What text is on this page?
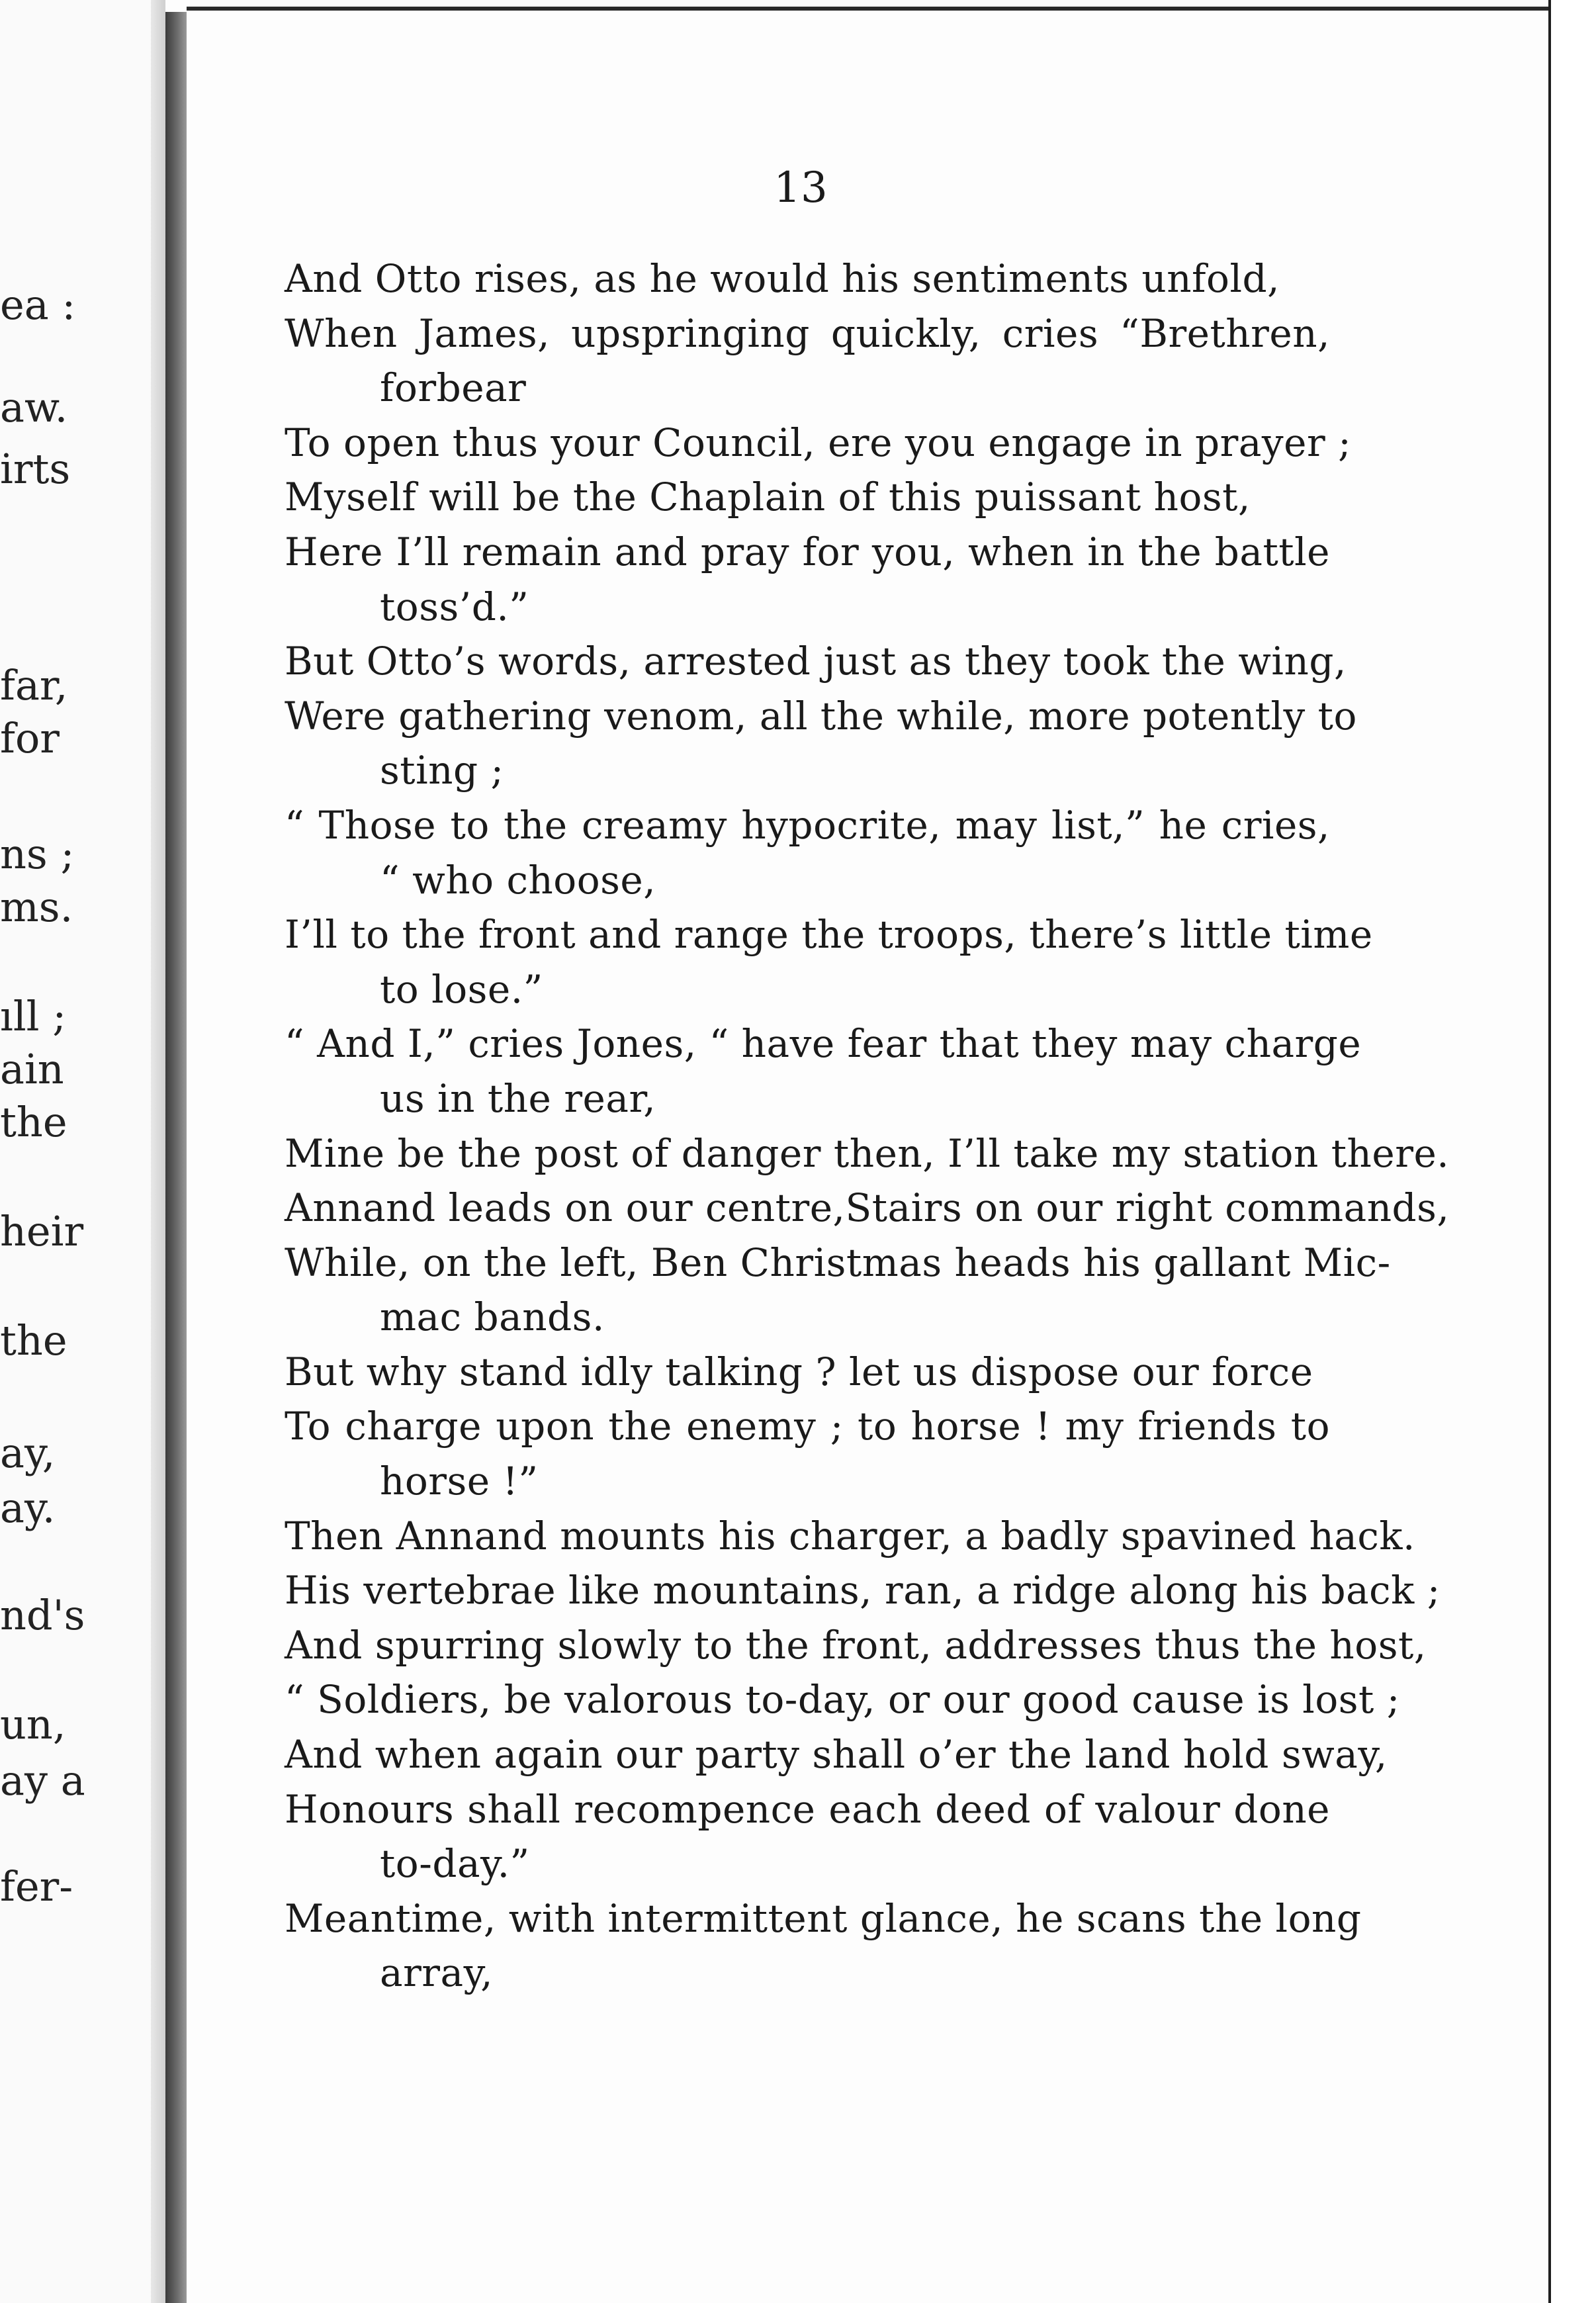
ea :
aw.
irts
far,
for
ns ;
ms.
ıll ;
ain
the
heir
the
ay,
ay.
nd's
un,
ay a
fer-
13
And Otto rises, as he would his sentiments unfold,
When James, upspringing quickly, cries “Brethren,
forbear
To open thus your Council, ere you engage in prayer ;
Myself will be the Chaplain of this puissant host,
Here I’ll remain and pray for you, when in the battle
toss’d.”
But Otto’s words, arrested just as they took the wing,
Were gathering venom, all the while, more potently to
sting ;
“ Those to the creamy hypocrite, may list,” he cries,
“ who choose,
I’ll to the front and range the troops, there’s little time
to lose.”
“ And I,” cries Jones, “ have fear that they may charge
us in the rear,
Mine be the post of danger then, I’ll take my station there.
Annand leads on our centre,Stairs on our right commands,
While, on the left, Ben Christmas heads his gallant Mic-
mac bands.
But why stand idly talking ? let us dispose our force
To charge upon the enemy ; to horse ! my friends to
horse !”
Then Annand mounts his charger, a badly spavined hack.
His vertebrae like mountains, ran, a ridge along his back ;
And spurring slowly to the front, addresses thus the host,
“ Soldiers, be valorous to-day, or our good cause is lost ;
And when again our party shall o’er the land hold sway,
Honours shall recompence each deed of valour done
to-day.”
Meantime, with intermittent glance, he scans the long
array,
